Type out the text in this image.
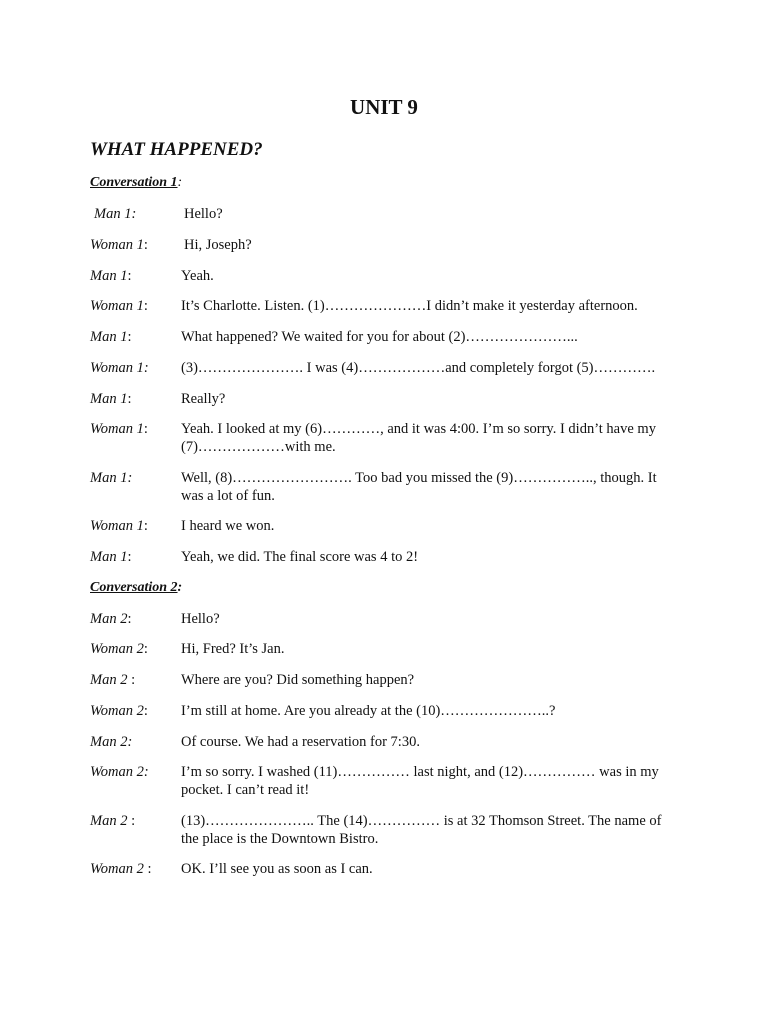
UNIT 9
WHAT HAPPENED?
Conversation 1:
Man 1:	Hello?
Woman 1: Hi, Joseph?
Man 1:	Yeah.
Woman 1: It’s Charlotte. Listen. (1)…………………I didn’t make it yesterday afternoon.
Man 1:	What happened? We waited for you for about (2)…………………...
Woman 1: (3)…………………. I was (4)………………and completely forgot (5)………….
Man 1:	Really?
Woman 1: Yeah. I looked at my (6)…………, and it was 4:00. I’m so sorry. I didn’t have my (7)………………with me.
Man 1:	Well, (8)……………………. Too bad you missed the (9)…………….., though. It was a lot of fun.
Woman 1: I heard we won.
Man 1:	Yeah, we did. The final score was 4 to 2!
Conversation 2:
Man 2:	Hello?
Woman 2: Hi, Fred? It’s Jan.
Man 2 :	Where are you? Did something happen?
Woman 2: I’m still at home. Are you already at the (10)…………………..?
Man 2:	Of course. We had a reservation for 7:30.
Woman 2: I’m so sorry. I washed (11)…………… last night, and (12)…………… was in my pocket. I can’t read it!
Man 2 :	(13)………………….. The (14)…………… is at 32 Thomson Street. The name of the place is the Downtown Bistro.
Woman 2 : OK. I’ll see you as soon as I can.
